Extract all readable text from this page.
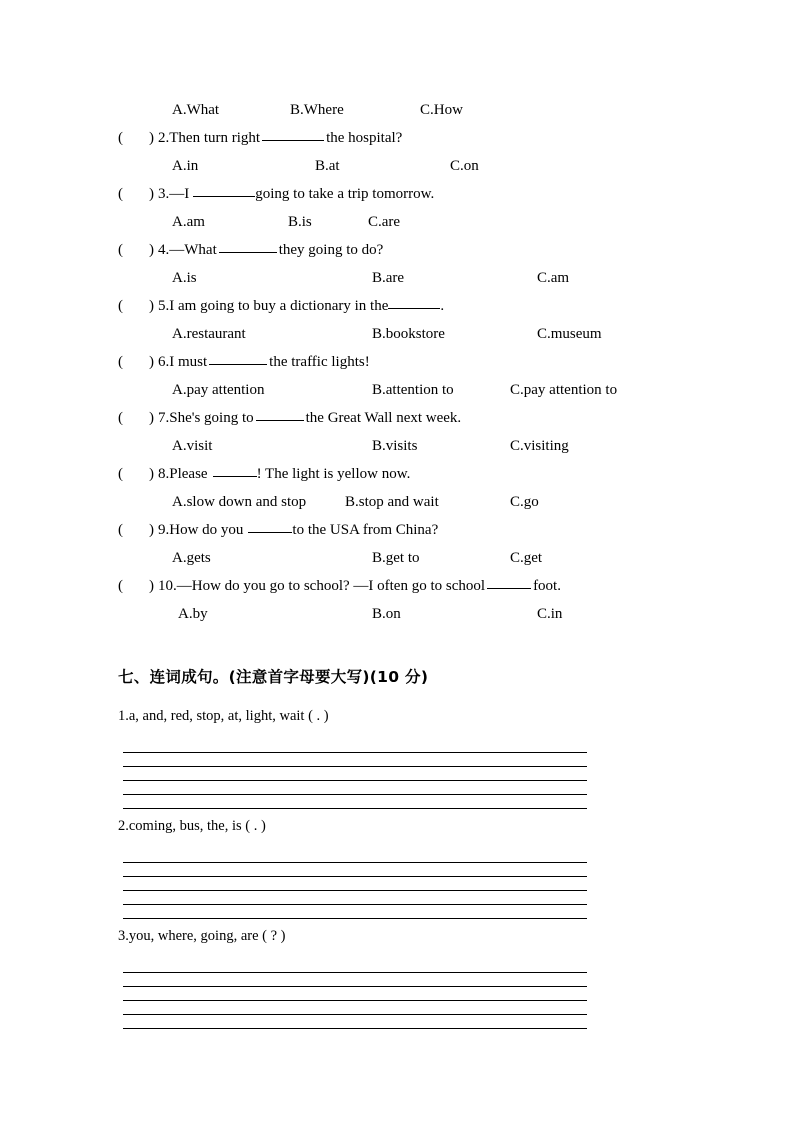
A.What	B.Where	C.How
( ) 2.Then turn right	the hospital?
A.in	B.at	C.on
( ) 3.—I	going to take a trip tomorrow.
A.am	B.is	C.are
( ) 4.—What	they going to do?
A.is	B.are	C.am
( ) 5.I am going to buy a dictionary in the	.
A.restaurant	B.bookstore	C.museum
( ) 6.I must	the traffic lights!
A.pay attention	B.attention to	C.pay attention to
( ) 7.She's going to	the Great Wall next week.
A.visit	B.visits	C.visiting
( ) 8.Please	! The light is yellow now.
A.slow down and stop	B.stop and wait	C.go
( ) 9.How do you	to the USA from China?
A.gets	B.get to	C.get
( ) 10.—How do you go to school? —I often go to school	foot.
A.by	B.on	C.in
七、连词成句。(注意首字母要大写)(10 分)
1.a, and, red, stop, at, light, wait ( . )
2.coming, bus, the, is ( . )
3.you, where, going, are ( ? )
